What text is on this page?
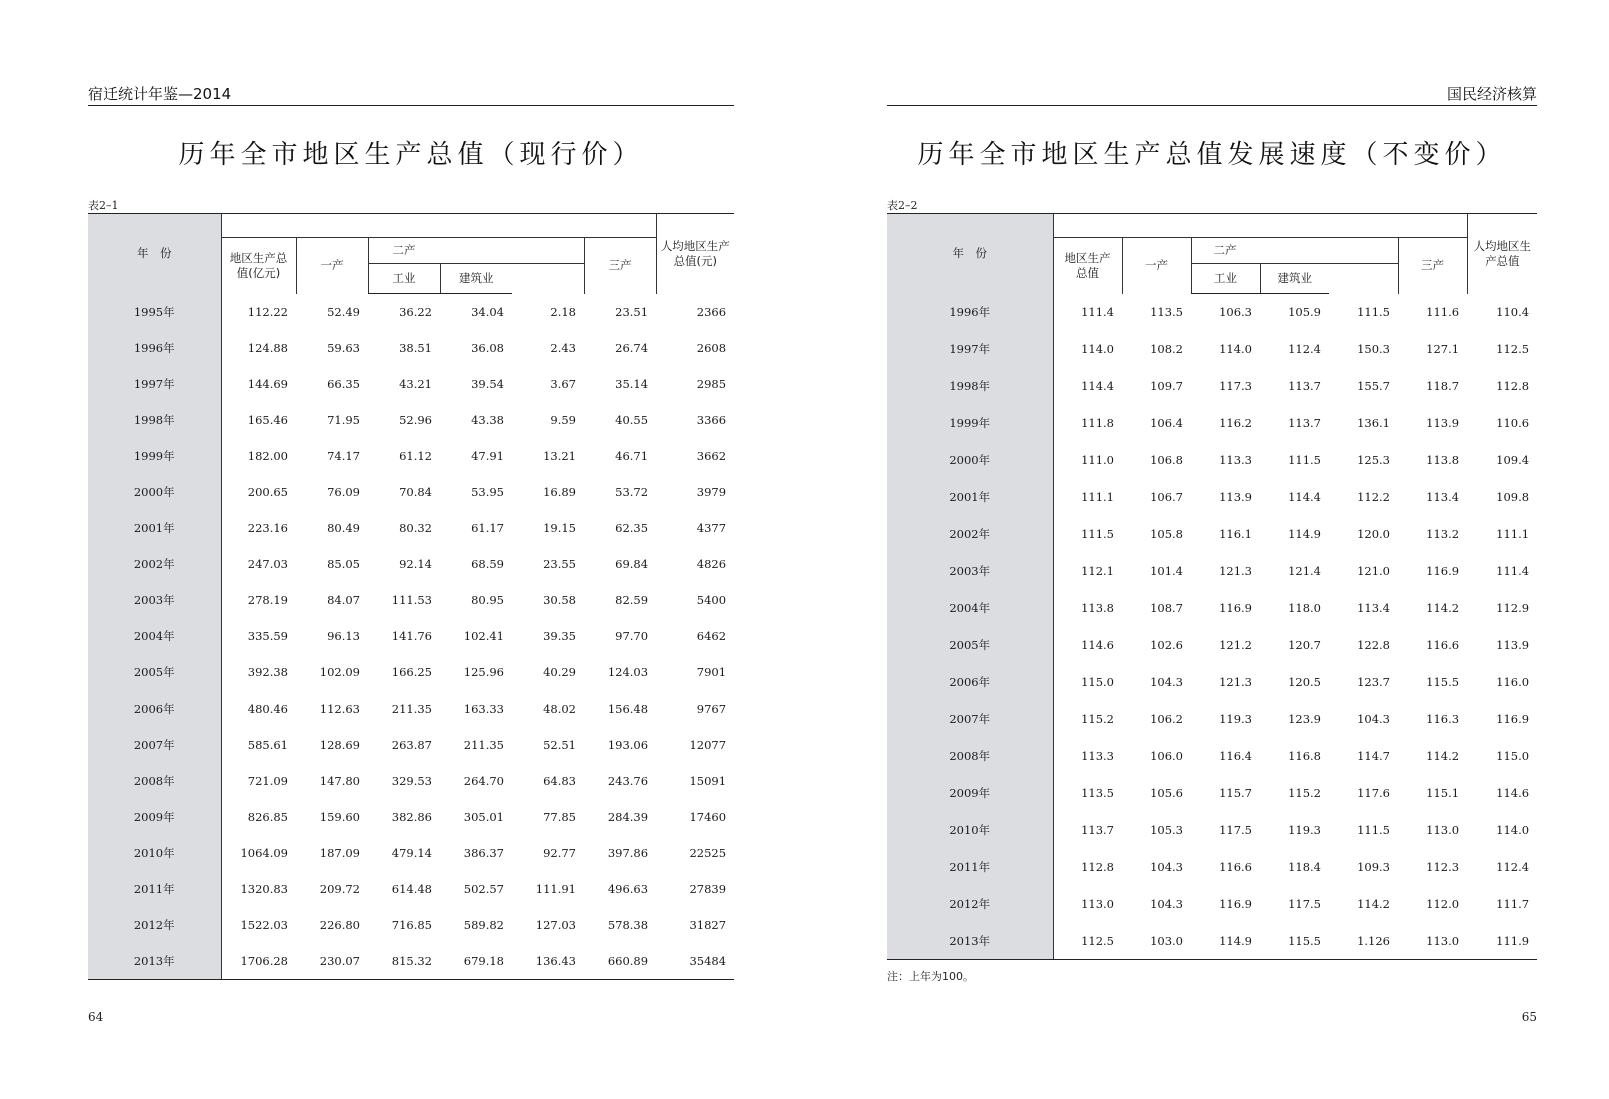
宿迁统计年鉴—2014
历年全市地区生产总值（现行价）
表2–1
年　份							人均地区生产总值(元)
	地区生产总值(亿元)	一产	二产			三产	
			工业	建筑业			
1995年	112.22	52.49	36.22	34.04	2.18	23.51	2366
1996年	124.88	59.63	38.51	36.08	2.43	26.74	2608
1997年	144.69	66.35	43.21	39.54	3.67	35.14	2985
1998年	165.46	71.95	52.96	43.38	9.59	40.55	3366
1999年	182.00	74.17	61.12	47.91	13.21	46.71	3662
2000年	200.65	76.09	70.84	53.95	16.89	53.72	3979
2001年	223.16	80.49	80.32	61.17	19.15	62.35	4377
2002年	247.03	85.05	92.14	68.59	23.55	69.84	4826
2003年	278.19	84.07	111.53	80.95	30.58	82.59	5400
2004年	335.59	96.13	141.76	102.41	39.35	97.70	6462
2005年	392.38	102.09	166.25	125.96	40.29	124.03	7901
2006年	480.46	112.63	211.35	163.33	48.02	156.48	9767
2007年	585.61	128.69	263.87	211.35	52.51	193.06	12077
2008年	721.09	147.80	329.53	264.70	64.83	243.76	15091
2009年	826.85	159.60	382.86	305.01	77.85	284.39	17460
2010年	1064.09	187.09	479.14	386.37	92.77	397.86	22525
2011年	1320.83	209.72	614.48	502.57	111.91	496.63	27839
2012年	1522.03	226.80	716.85	589.82	127.03	578.38	31827
2013年	1706.28	230.07	815.32	679.18	136.43	660.89	35484
64
国民经济核算
历年全市地区生产总值发展速度（不变价）
表2–2
年　份							人均地区生产总值
	地区生产总值	一产	二产			三产	
			工业	建筑业			
1996年	111.4	113.5	106.3	105.9	111.5	111.6	110.4
1997年	114.0	108.2	114.0	112.4	150.3	127.1	112.5
1998年	114.4	109.7	117.3	113.7	155.7	118.7	112.8
1999年	111.8	106.4	116.2	113.7	136.1	113.9	110.6
2000年	111.0	106.8	113.3	111.5	125.3	113.8	109.4
2001年	111.1	106.7	113.9	114.4	112.2	113.4	109.8
2002年	111.5	105.8	116.1	114.9	120.0	113.2	111.1
2003年	112.1	101.4	121.3	121.4	121.0	116.9	111.4
2004年	113.8	108.7	116.9	118.0	113.4	114.2	112.9
2005年	114.6	102.6	121.2	120.7	122.8	116.6	113.9
2006年	115.0	104.3	121.3	120.5	123.7	115.5	116.0
2007年	115.2	106.2	119.3	123.9	104.3	116.3	116.9
2008年	113.3	106.0	116.4	116.8	114.7	114.2	115.0
2009年	113.5	105.6	115.7	115.2	117.6	115.1	114.6
2010年	113.7	105.3	117.5	119.3	111.5	113.0	114.0
2011年	112.8	104.3	116.6	118.4	109.3	112.3	112.4
2012年	113.0	104.3	116.9	117.5	114.2	112.0	111.7
2013年	112.5	103.0	114.9	115.5	1.126	113.0	111.9
注：上年为100。
65
